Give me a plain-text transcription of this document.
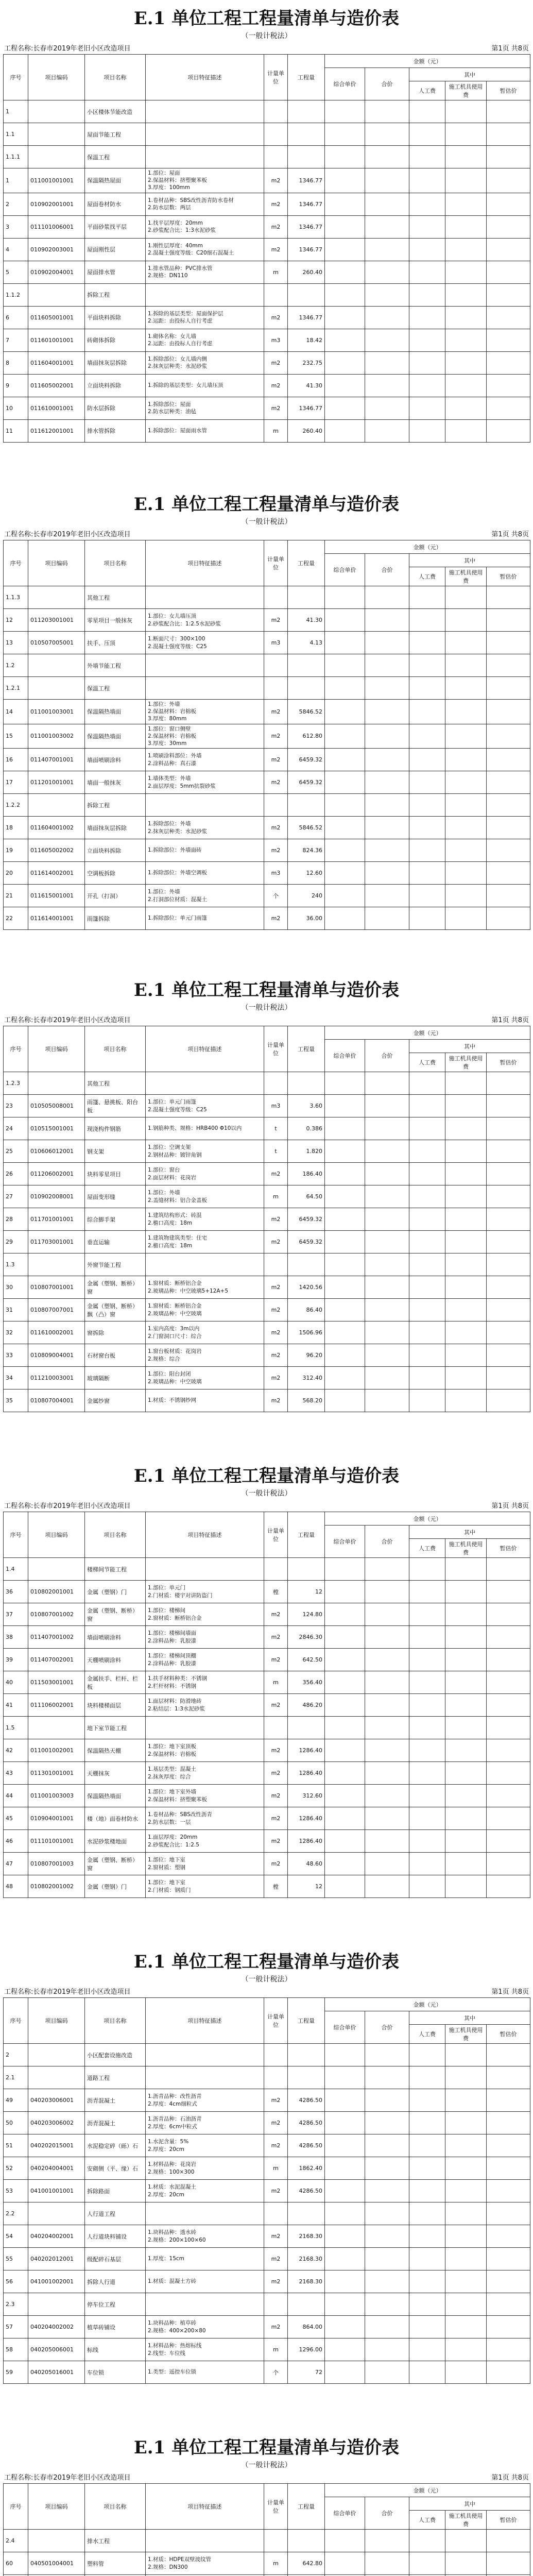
E.1 单位工程工程量清单与造价表
（一般计税法）
工程名称:长春市2019年老旧小区改造项目	第1页 共8页
序号	项目编码	项目名称	项目特征描述	计量单位	工程量	金额（元）				
						综合单价	合价	其中		
								人工费	施工机具使用费	暂估价
1		小区楼体节能改造								
1.1		屋面节能工程								
1.1.1		保温工程								
1	011001001001	保温隔热屋面	1.部位：屋面
2.保温材料：挤塑聚苯板
3.厚度：100mm	m2	1346.77					
2	010902001001	屋面卷材防水	1.卷材品种：SBS改性沥青防水卷材
2.防水层数：两层	m2	1346.77					
3	011101006001	平面砂浆找平层	1.找平层厚度：20mm
2.砂浆配合比：1:3水泥砂浆	m2	1346.77					
4	010902003001	屋面刚性层	1.刚性层厚度：40mm
2.混凝土强度等级：C20细石混凝土	m2	1346.77					
5	010902004001	屋面排水管	1.排水管品种：PVC排水管
2.规格：DN110	m	260.40					
1.1.2		拆除工程								
6	011605001001	平面块料拆除	1.拆除的基层类型：屋面保护层
2.运距：由投标人自行考虑	m2	1346.77					
7	011601001001	砖砌体拆除	1.砌体名称：女儿墙
2.运距：由投标人自行考虑	m3	18.42					
8	011604001001	墙面抹灰层拆除	1.拆除部位：女儿墙内侧
2.抹灰层种类：水泥砂浆	m2	232.75					
9	011605002001	立面块料拆除	1.拆除的基层类型：女儿墙压顶	m2	41.30					
10	011610001001	防水层拆除	1.拆除部位：屋面
2.防水层种类：油毡	m2	1346.77					
11	011612001001	排水管拆除	1.拆除部位：屋面雨水管	m	260.40					
E.1 单位工程工程量清单与造价表
（一般计税法）
工程名称:长春市2019年老旧小区改造项目	第1页 共8页
序号	项目编码	项目名称	项目特征描述	计量单位	工程量	金额（元）				
						综合单价	合价	其中		
								人工费	施工机具使用费	暂估价
1.1.3		其他工程								
12	011203001001	零星项目一般抹灰	1.部位：女儿墙压顶
2.砂浆配合比：1:2.5水泥砂浆	m2	41.30					
13	010507005001	扶手、压顶	1.断面尺寸：300×100
2.混凝土强度等级：C25	m3	4.13					
1.2		外墙节能工程								
1.2.1		保温工程								
14	011001003001	保温隔热墙面	1.部位：外墙
2.保温材料：岩棉板
3.厚度：80mm	m2	5846.52					
15	011001003002	保温隔热墙面	1.部位：窗口侧壁
2.保温材料：岩棉板
3.厚度：30mm	m2	612.80					
16	011407001001	墙面喷刷涂料	1.喷刷涂料部位：外墙
2.涂料品种：真石漆	m2	6459.32					
17	011201001001	墙面一般抹灰	1.墙体类型：外墙
2.面层厚度：5mm抗裂砂浆	m2	6459.32					
1.2.2		拆除工程								
18	011604001002	墙面抹灰层拆除	1.拆除部位：外墙
2.抹灰层种类：水泥砂浆	m2	5846.52					
19	011605002002	立面块料拆除	1.拆除部位：外墙面砖	m2	824.36					
20	011614002001	空调板拆除	1.拆除部位：外墙空调板	m3	12.60					
21	011615001001	开孔（打洞）	1.部位：外墙
2.打洞部位材质：混凝土	个	240					
22	011614001001	雨篷拆除	1.拆除部位：单元门雨篷	m2	36.00					
E.1 单位工程工程量清单与造价表
（一般计税法）
工程名称:长春市2019年老旧小区改造项目	第1页 共8页
序号	项目编码	项目名称	项目特征描述	计量单位	工程量	金额（元）				
						综合单价	合价	其中		
								人工费	施工机具使用费	暂估价
1.2.3		其他工程								
23	010505008001	雨篷、悬挑板、阳台板	1.部位：单元门雨篷
2.混凝土强度等级：C25	m3	3.60					
24	010515001001	现浇构件钢筋	1.钢筋种类、规格：HRB400 Φ10以内	t	0.386					
25	010606012001	钢支架	1.部位：空调支架
2.钢材品种：镀锌角钢	t	1.820					
26	011206002001	块料零星项目	1.部位：窗台
2.面层材料：花岗岩	m2	186.40					
27	010902008001	屋面变形缝	1.部位：外墙
2.盖缝材料：铝合金盖板	m	64.50					
28	011701001001	综合脚手架	1.建筑结构形式：砖混
2.檐口高度：18m	m2	6459.32					
29	011703001001	垂直运输	1.建筑物建筑类型：住宅
2.檐口高度：18m	m2	6459.32					
1.3		外窗节能工程								
30	010807001001	金属（塑钢、断桥）窗	1.窗材质：断桥铝合金
2.玻璃品种：中空玻璃5+12A+5	m2	1420.56					
31	010807007001	金属（塑钢、断桥）飘（凸）窗	1.窗材质：断桥铝合金
2.玻璃品种：中空玻璃	m2	86.40					
32	011610002001	窗拆除	1.室内高度：3m以内
2.门窗洞口尺寸：综合	m2	1506.96					
33	010809004001	石材窗台板	1.窗台板材质：花岗岩
2.规格：综合	m2	96.20					
34	011210003001	玻璃隔断	1.部位：阳台封闭
2.玻璃品种：中空玻璃	m2	312.40					
35	010807004001	金属纱窗	1.材质：不锈钢纱网	m2	568.20					
E.1 单位工程工程量清单与造价表
（一般计税法）
工程名称:长春市2019年老旧小区改造项目	第1页 共8页
序号	项目编码	项目名称	项目特征描述	计量单位	工程量	金额（元）				
						综合单价	合价	其中		
								人工费	施工机具使用费	暂估价
1.4		楼梯间节能工程								
36	010802001001	金属（塑钢）门	1.部位：单元门
2.门材质：楼宇对讲防盗门	樘	12					
37	010807001002	金属（塑钢、断桥）窗	1.部位：楼梯间
2.窗材质：断桥铝合金	m2	124.80					
38	011407001002	墙面喷刷涂料	1.部位：楼梯间墙面
2.涂料品种：乳胶漆	m2	2846.30					
39	011407002001	天棚喷刷涂料	1.部位：楼梯间顶棚
2.涂料品种：乳胶漆	m2	642.50					
40	011503001001	金属扶手、栏杆、栏板	1.扶手材料种类：不锈钢
2.栏杆材料：不锈钢	m	356.40					
41	011106002001	块料楼梯面层	1.面层材料：防滑地砖
2.粘结层：1:3水泥砂浆	m2	486.20					
1.5		地下室节能工程								
42	011001002001	保温隔热天棚	1.部位：地下室顶板
2.保温材料：岩棉板	m2	1286.40					
43	011301001001	天棚抹灰	1.基层类型：混凝土
2.抹灰厚度：综合	m2	1286.40					
44	011001003003	保温隔热墙面	1.部位：地下室外墙
2.保温材料：挤塑聚苯板	m2	312.60					
45	010904001001	楼（地）面卷材防水	1.卷材品种：SBS改性沥青
2.防水层数：一层	m2	1286.40					
46	011101001001	水泥砂浆楼地面	1.面层厚度：20mm
2.砂浆配合比：1:2.5	m2	1286.40					
47	010807001003	金属（塑钢、断桥）窗	1.部位：地下室
2.窗材质：塑钢	m2	48.60					
48	010802001002	金属（塑钢）门	1.部位：地下室
2.门材质：钢质门	樘	12					
E.1 单位工程工程量清单与造价表
（一般计税法）
工程名称:长春市2019年老旧小区改造项目	第1页 共8页
序号	项目编码	项目名称	项目特征描述	计量单位	工程量	金额（元）				
						综合单价	合价	其中		
								人工费	施工机具使用费	暂估价
2		小区配套设施改造								
2.1		道路工程								
49	040203006001	沥青混凝土	1.沥青品种：改性沥青
2.厚度：4cm细粒式	m2	4286.50					
50	040203006002	沥青混凝土	1.沥青品种：石油沥青
2.厚度：6cm中粒式	m2	4286.50					
51	040202015001	水泥稳定碎（砾）石	1.水泥含量：5%
2.厚度：20cm	m2	4286.50					
52	040204004001	安砌侧（平、缘）石	1.材料品种：花岗岩
2.规格：100×300	m	1862.40					
53	041001001001	拆除路面	1.材质：水泥混凝土
2.厚度：20cm	m2	4286.50					
2.2		人行道工程								
54	040204002001	人行道块料铺设	1.块料品种：透水砖
2.规格：200×100×60	m2	2168.30					
55	040202012001	级配碎石基层	1.厚度：15cm	m2	2168.30					
56	041001002001	拆除人行道	1.材质：混凝土方砖	m2	2168.30					
2.3		停车位工程								
57	040204002002	植草砖铺设	1.块料品种：植草砖
2.规格：400×200×80	m2	864.00					
58	040205006001	标线	1.材料品种：热熔标线
2.线型：车位线	m	1296.00					
59	040205016001	车位锁	1.类型：遥控车位锁	个	72					
E.1 单位工程工程量清单与造价表
（一般计税法）
工程名称:长春市2019年老旧小区改造项目	第1页 共8页
序号	项目编码	项目名称	项目特征描述	计量单位	工程量	金额（元）				
						综合单价	合价	其中		
								人工费	施工机具使用费	暂估价
2.4		排水工程								
60	040501004001	塑料管	1.材质：HDPE双壁波纹管
2.规格：DN300	m	642.80					
